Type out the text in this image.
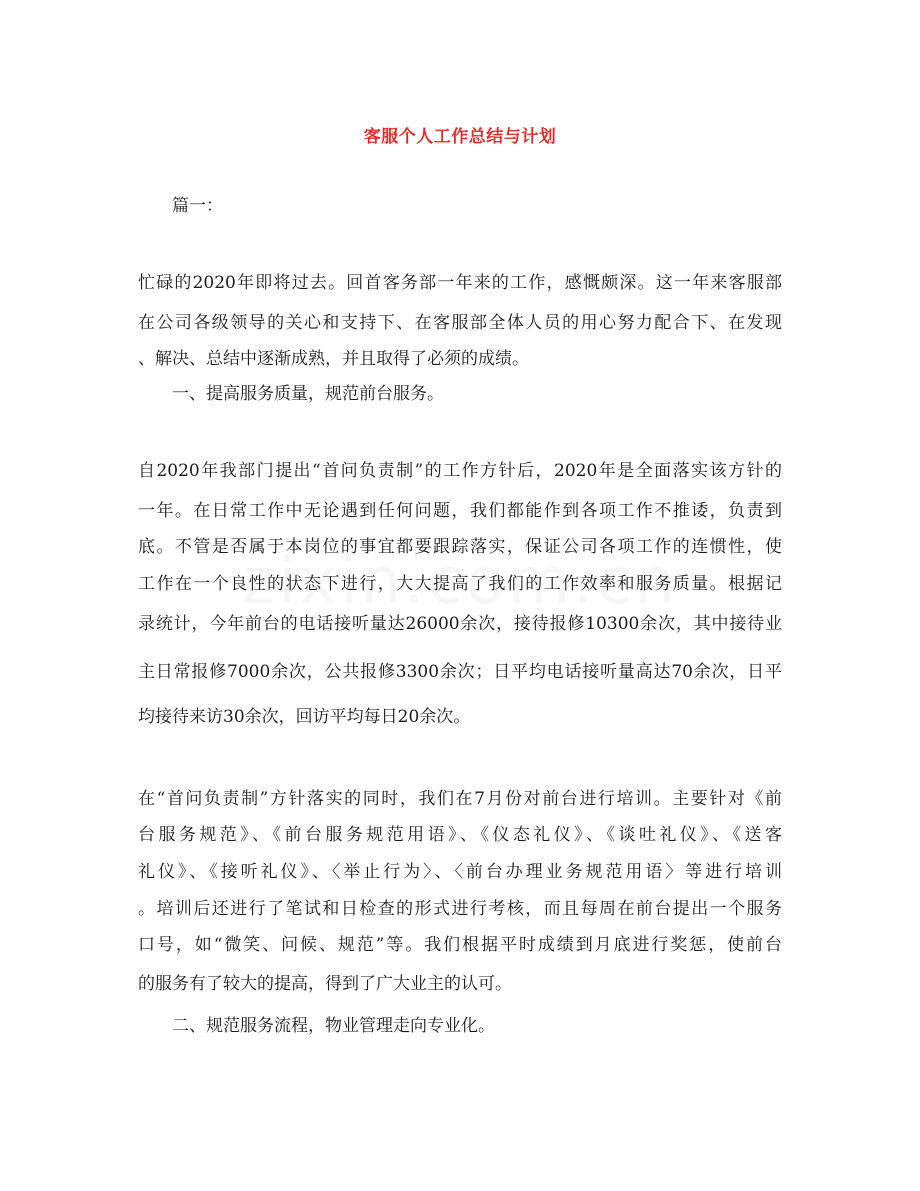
客服个人工作总结与计划
篇一：
忙碌的2020年即将过去。回首客务部一年来的工作，感慨颇深。这一年来客服部
在公司各级领导的关心和支持下、在客服部全体人员的用心努力配合下、在发现
、解决、总结中逐渐成熟，并且取得了必须的成绩。
一、提高服务质量，规范前台服务。
自2020年我部门提出“首问负责制”的工作方针后，2020年是全面落实该方针的
一年。在日常工作中无论遇到任何问题，我们都能作到各项工作不推诿，负责到
底。不管是否属于本岗位的事宜都要跟踪落实，保证公司各项工作的连惯性，使
工作在一个良性的状态下进行，大大提高了我们的工作效率和服务质量。根据记
录统计，今年前台的电话接听量达26000余次，接待报修10300余次，其中接待业
主日常报修7000余次，公共报修3300余次；日平均电话接听量高达70余次，日平
均接待来访30余次，回访平均每日20余次。
在“首问负责制”方针落实的同时，我们在7月份对前台进行培训。主要针对《前
台服务规范》、《前台服务规范用语》、《仪态礼仪》、《谈吐礼仪》、《送客
礼仪》、《接听礼仪》、〈举止行为〉、〈前台办理业务规范用语〉等进行培训
。培训后还进行了笔试和日检查的形式进行考核，而且每周在前台提出一个服务
口号，如“微笑、问候、规范”等。我们根据平时成绩到月底进行奖惩，使前台
的服务有了较大的提高，得到了广大业主的认可。
二、规范服务流程，物业管理走向专业化。
